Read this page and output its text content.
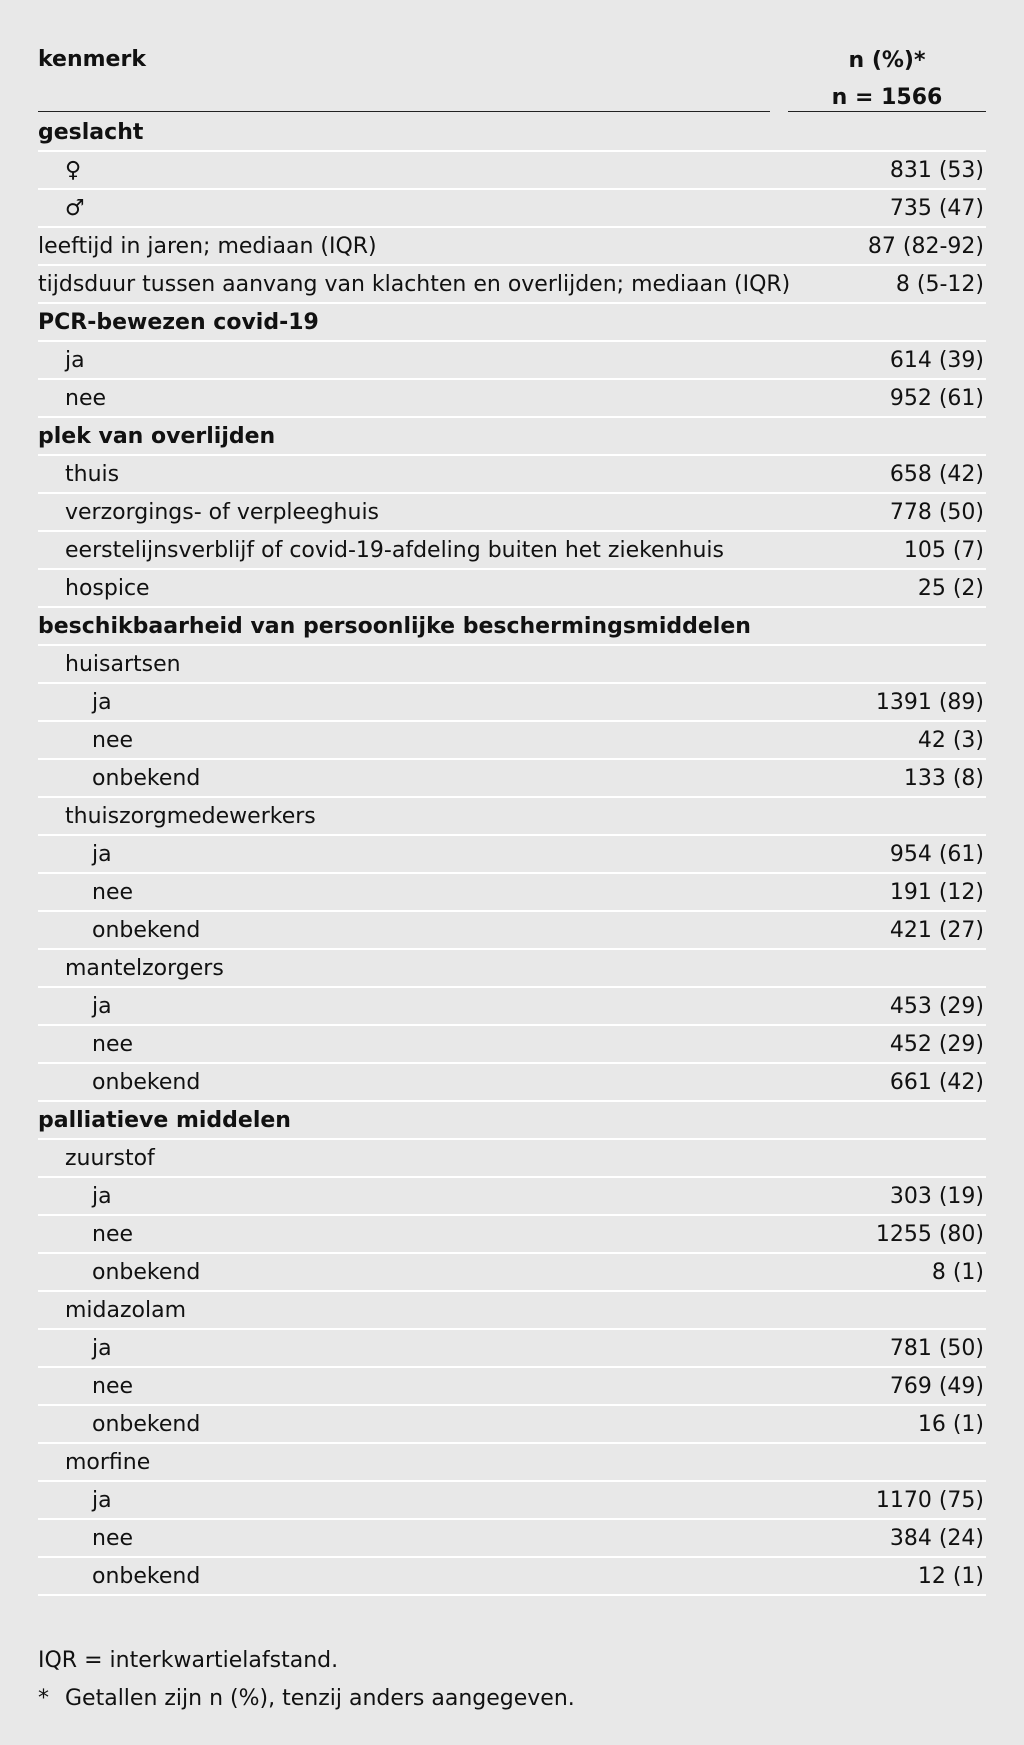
kenmerk	n (%)*
n = 1566
geslacht
♀	831 (53)
♂	735 (47)
leeftijd in jaren; mediaan (IQR)	87 (82-92)
tijdsduur tussen aanvang van klachten en overlijden; mediaan (IQR)	8 (5-12)
PCR-bewezen covid-19
ja	614 (39)
nee	952 (61)
plek van overlijden
thuis	658 (42)
verzorgings- of verpleeghuis	778 (50)
eerstelijnsverblijf of covid-19-afdeling buiten het ziekenhuis	105 (7)
hospice	25 (2)
beschikbaarheid van persoonlijke beschermingsmiddelen
huisartsen
ja	1391 (89)
nee	42 (3)
onbekend	133 (8)
thuiszorgmedewerkers
ja	954 (61)
nee	191 (12)
onbekend	421 (27)
mantelzorgers
ja	453 (29)
nee	452 (29)
onbekend	661 (42)
palliatieve middelen
zuurstof
ja	303 (19)
nee	1255 (80)
onbekend	8 (1)
midazolam
ja	781 (50)
nee	769 (49)
onbekend	16 (1)
morfine
ja	1170 (75)
nee	384 (24)
onbekend	12 (1)
IQR = interkwartielafstand.
* Getallen zijn n (%), tenzij anders aangegeven.
